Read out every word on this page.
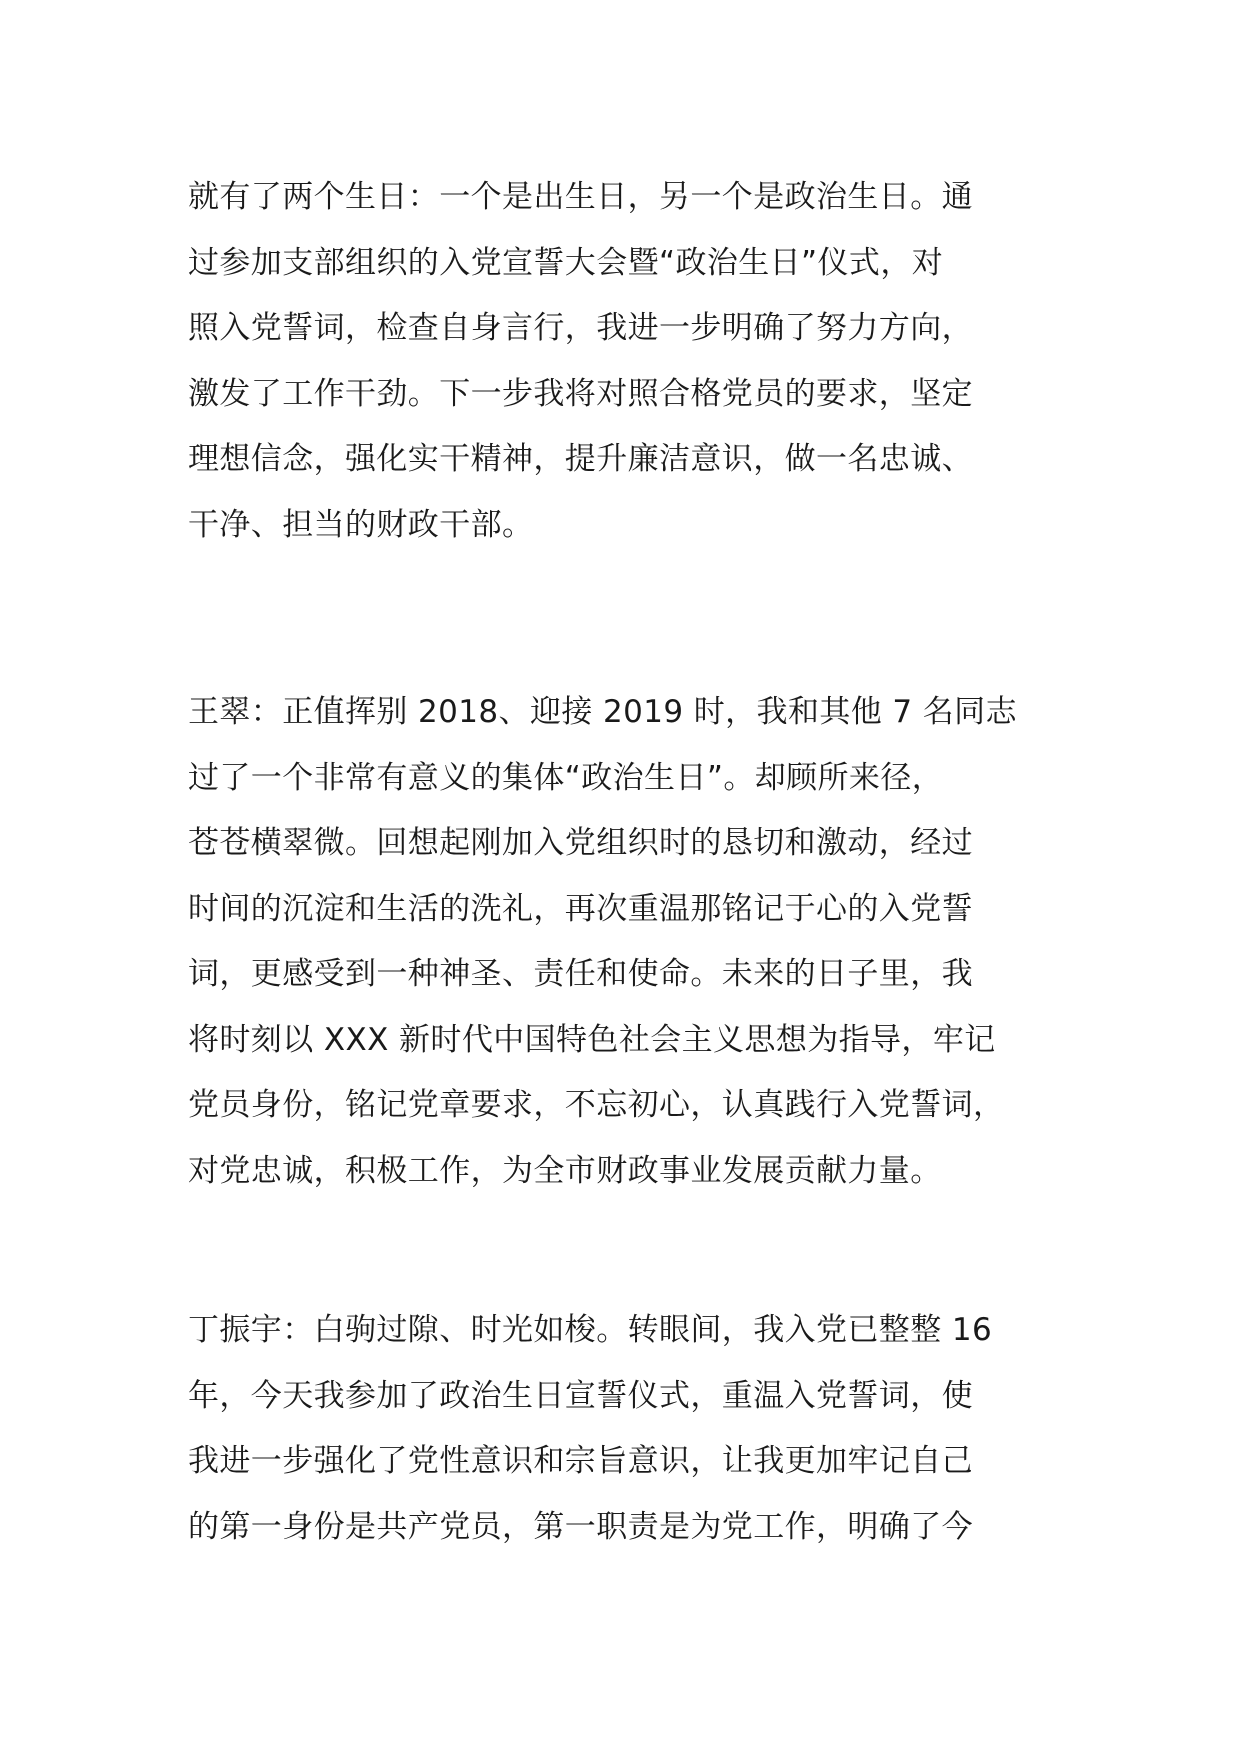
就有了两个生日：一个是出生日，另一个是政治生日。通
过参加支部组织的入党宣誓大会暨“政治生日”仪式，对
照入党誓词，检查自身言行，我进一步明确了努力方向，
激发了工作干劲。下一步我将对照合格党员的要求，坚定
理想信念，强化实干精神，提升廉洁意识，做一名忠诚、
干净、担当的财政干部。
王翠：正值挥别 2018、迎接 2019 时，我和其他 7 名同志
过了一个非常有意义的集体“政治生日”。却顾所来径，
苍苍横翠微。回想起刚加入党组织时的恳切和激动，经过
时间的沉淀和生活的洗礼，再次重温那铭记于心的入党誓
词，更感受到一种神圣、责任和使命。未来的日子里，我
将时刻以 XXX 新时代中国特色社会主义思想为指导，牢记
党员身份，铭记党章要求，不忘初心，认真践行入党誓词，
对党忠诚，积极工作，为全市财政事业发展贡献力量。
丁振宇：白驹过隙、时光如梭。转眼间，我入党已整整 16
年，今天我参加了政治生日宣誓仪式，重温入党誓词，使
我进一步强化了党性意识和宗旨意识，让我更加牢记自己
的第一身份是共产党员，第一职责是为党工作，明确了今
